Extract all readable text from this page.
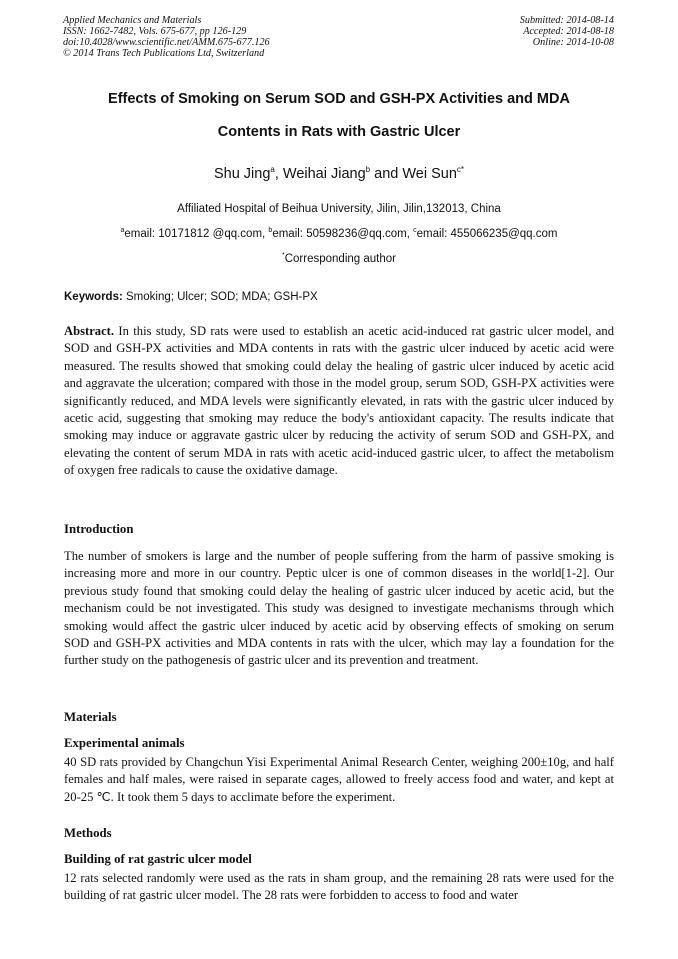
Applied Mechanics and Materials
ISSN: 1662-7482, Vols. 675-677, pp 126-129
doi:10.4028/www.scientific.net/AMM.675-677.126
© 2014 Trans Tech Publications Ltd, Switzerland
Submitted: 2014-08-14
Accepted: 2014-08-18
Online: 2014-10-08
Effects of Smoking on Serum SOD and GSH-PX Activities and MDA
Contents in Rats with Gastric Ulcer
Shu Jing$^a$, Weihai Jiang$^b$ and Wei Sun$^{c*}$
Affiliated Hospital of Beihua University, Jilin, Jilin,132013, China
$^a$email: 10171812 @qq.com, $^b$email: 50598236@qq.com, $^c$email: 455066235@qq.com
*Corresponding author
Keywords: Smoking; Ulcer; SOD; MDA; GSH-PX
Abstract. In this study, SD rats were used to establish an acetic acid-induced rat gastric ulcer model, and SOD and GSH-PX activities and MDA contents in rats with the gastric ulcer induced by acetic acid were measured. The results showed that smoking could delay the healing of gastric ulcer induced by acetic acid and aggravate the ulceration; compared with those in the model group, serum SOD, GSH-PX activities were significantly reduced, and MDA levels were significantly elevated, in rats with the gastric ulcer induced by acetic acid, suggesting that smoking may reduce the body's antioxidant capacity. The results indicate that smoking may induce or aggravate gastric ulcer by reducing the activity of serum SOD and GSH-PX, and elevating the content of serum MDA in rats with acetic acid-induced gastric ulcer, to affect the metabolism of oxygen free radicals to cause the oxidative damage.
Introduction
The number of smokers is large and the number of people suffering from the harm of passive smoking is increasing more and more in our country. Peptic ulcer is one of common diseases in the world[1-2]. Our previous study found that smoking could delay the healing of gastric ulcer induced by acetic acid, but the mechanism could be not investigated. This study was designed to investigate mechanisms through which smoking would affect the gastric ulcer induced by acetic acid by observing effects of smoking on serum SOD and GSH-PX activities and MDA contents in rats with the ulcer, which may lay a foundation for the further study on the pathogenesis of gastric ulcer and its prevention and treatment.
Materials
Experimental animals
40 SD rats provided by Changchun Yisi Experimental Animal Research Center, weighing 200±10g, and half females and half males, were raised in separate cages, allowed to freely access food and water, and kept at 20-25 ℃. It took them 5 days to acclimate before the experiment.
Methods
Building of rat gastric ulcer model
12 rats selected randomly were used as the rats in sham group, and the remaining 28 rats were used for the building of rat gastric ulcer model. The 28 rats were forbidden to access to food and water
